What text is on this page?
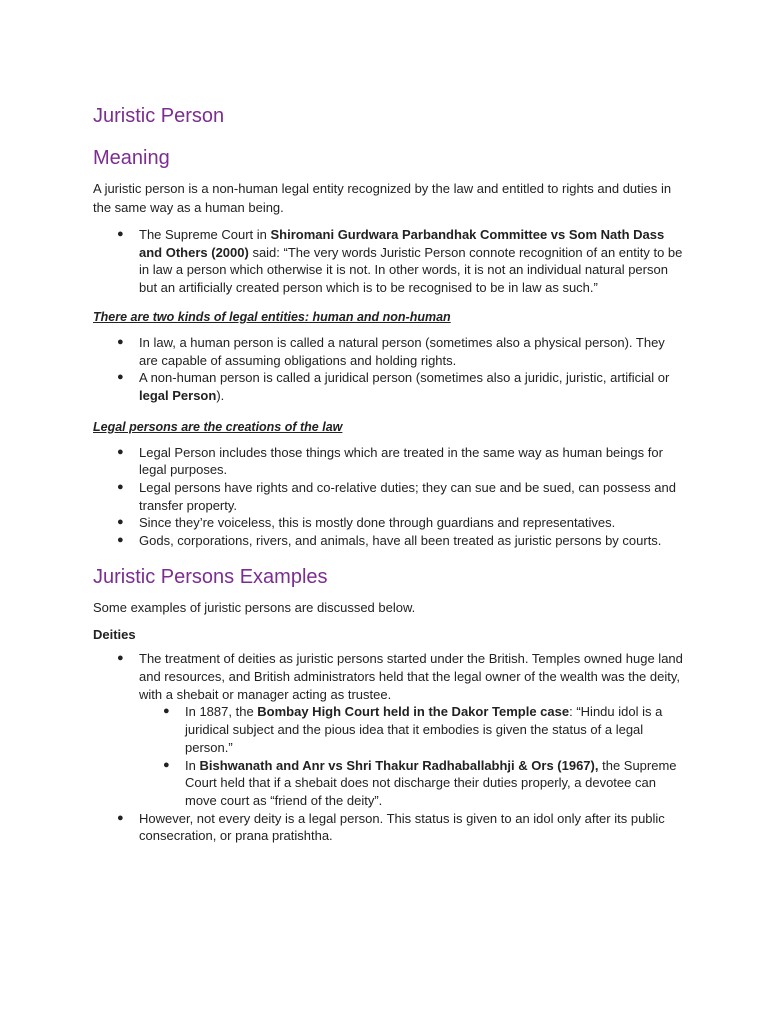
Juristic Person
Meaning

A juristic person is a non-human legal entity recognized by the law and entitled to rights and duties in the same way as a human being.

● The Supreme Court in Shiromani Gurdwara Parbandhak Committee vs Som Nath Dass and Others (2000) said: “The very words Juristic Person connote recognition of an entity to be in law a person which otherwise it is not. In other words, it is not an individual natural person but an artificially created person which is to be recognised to be in law as such.”

There are two kinds of legal entities: human and non-human

● In law, a human person is called a natural person (sometimes also a physical person). They are capable of assuming obligations and holding rights.
● A non-human person is called a juridical person (sometimes also a juridic, juristic, artificial or legal Person).

Legal persons are the creations of the law

● Legal Person includes those things which are treated in the same way as human beings for legal purposes.
● Legal persons have rights and co-relative duties; they can sue and be sued, can possess and transfer property.
● Since they’re voiceless, this is mostly done through guardians and representatives.
● Gods, corporations, rivers, and animals, have all been treated as juristic persons by courts.
Juristic Persons Examples

Some examples of juristic persons are discussed below.

Deities

● The treatment of deities as juristic persons started under the British. Temples owned huge land and resources, and British administrators held that the legal owner of the wealth was the deity, with a shebait or manager acting as trustee.
● In 1887, the Bombay High Court held in the Dakor Temple case: “Hindu idol is a juridical subject and the pious idea that it embodies is given the status of a legal person.”
● In Bishwanath and Anr vs Shri Thakur Radhaballabhji & Ors (1967), the Supreme Court held that if a shebait does not discharge their duties properly, a devotee can move court as “friend of the deity”.
● However, not every deity is a legal person. This status is given to an idol only after its public consecration, or prana pratishtha.
